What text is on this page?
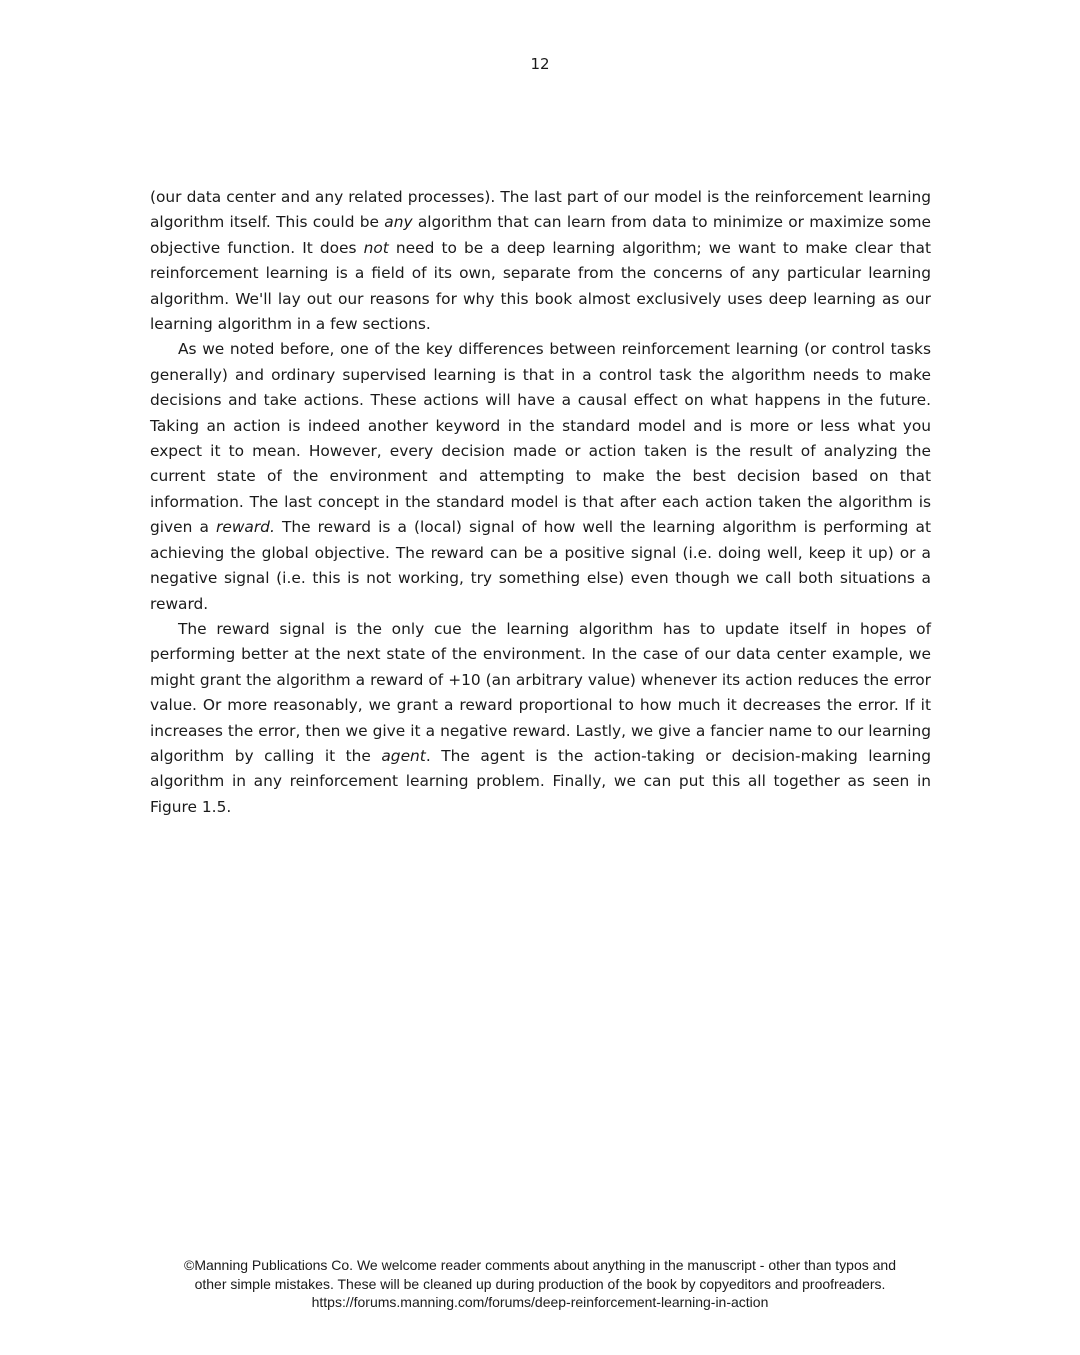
12

(our data center and any related processes). The last part of our model is the reinforcement learning algorithm itself. This could be any algorithm that can learn from data to minimize or maximize some objective function. It does not need to be a deep learning algorithm; we want to make clear that reinforcement learning is a field of its own, separate from the concerns of any particular learning algorithm. We'll lay out our reasons for why this book almost exclusively uses deep learning as our learning algorithm in a few sections.

As we noted before, one of the key differences between reinforcement learning (or control tasks generally) and ordinary supervised learning is that in a control task the algorithm needs to make decisions and take actions. These actions will have a causal effect on what happens in the future. Taking an action is indeed another keyword in the standard model and is more or less what you expect it to mean. However, every decision made or action taken is the result of analyzing the current state of the environment and attempting to make the best decision based on that information. The last concept in the standard model is that after each action taken the algorithm is given a reward. The reward is a (local) signal of how well the learning algorithm is performing at achieving the global objective. The reward can be a positive signal (i.e. doing well, keep it up) or a negative signal (i.e. this is not working, try something else) even though we call both situations a reward.

The reward signal is the only cue the learning algorithm has to update itself in hopes of performing better at the next state of the environment. In the case of our data center example, we might grant the algorithm a reward of +10 (an arbitrary value) whenever its action reduces the error value. Or more reasonably, we grant a reward proportional to how much it decreases the error. If it increases the error, then we give it a negative reward. Lastly, we give a fancier name to our learning algorithm by calling it the agent. The agent is the action-taking or decision-making learning algorithm in any reinforcement learning problem. Finally, we can put this all together as seen in Figure 1.5.

©Manning Publications Co. We welcome reader comments about anything in the manuscript - other than typos and
other simple mistakes. These will be cleaned up during production of the book by copyeditors and proofreaders.
https://forums.manning.com/forums/deep-reinforcement-learning-in-action
